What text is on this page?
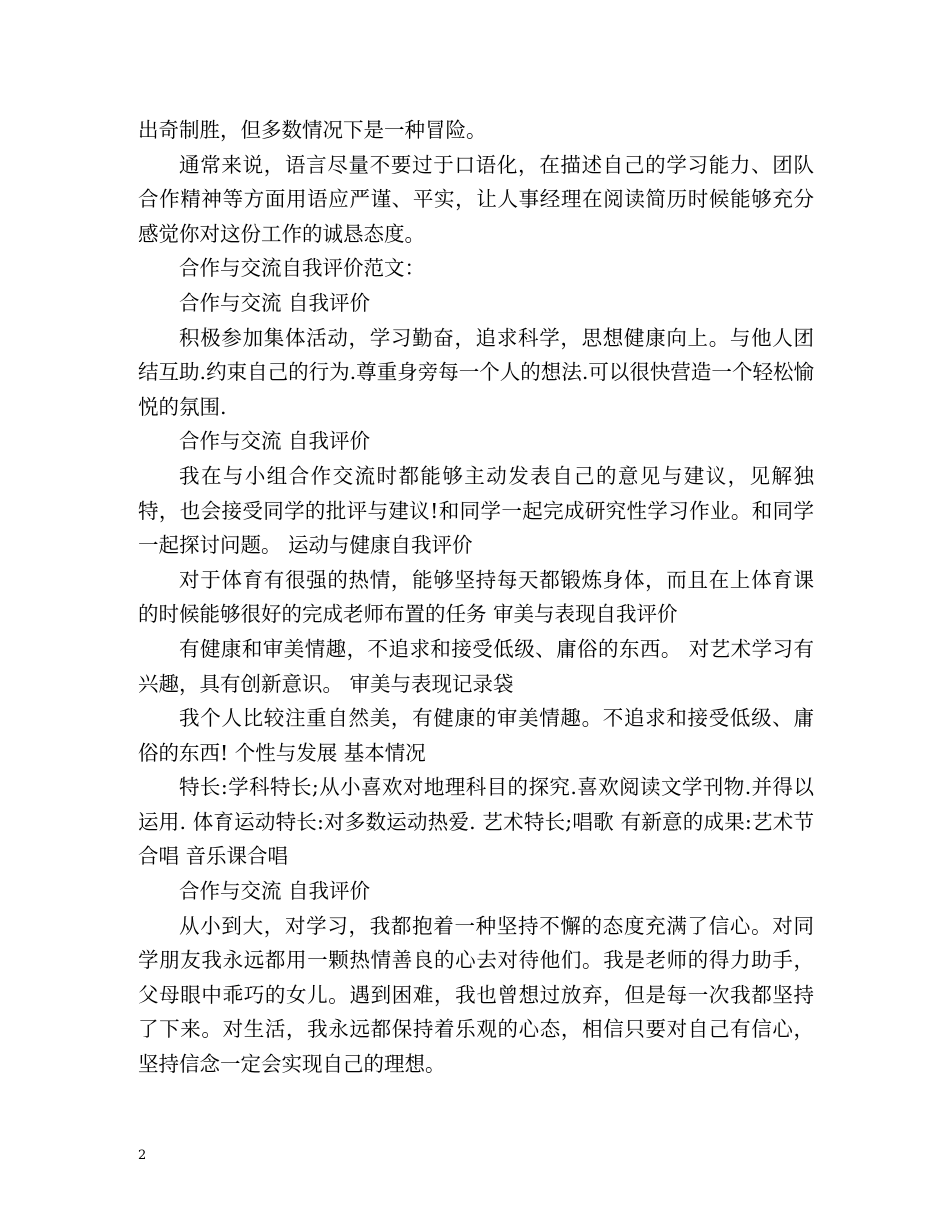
出奇制胜，但多数情况下是一种冒险。

通常来说，语言尽量不要过于口语化，在描述自己的学习能力、团队合作精神等方面用语应严谨、平实，让人事经理在阅读简历时候能够充分感觉你对这份工作的诚恳态度。

合作与交流自我评价范文：

合作与交流 自我评价

积极参加集体活动，学习勤奋，追求科学，思想健康向上。与他人团结互助.约束自己的行为.尊重身旁每一个人的想法.可以很快营造一个轻松愉悦的氛围.

合作与交流 自我评价

我在与小组合作交流时都能够主动发表自己的意见与建议，见解独特，也会接受同学的批评与建议!和同学一起完成研究性学习作业。和同学一起探讨问题。 运动与健康自我评价

对于体育有很强的热情，能够坚持每天都锻炼身体，而且在上体育课的时候能够很好的完成老师布置的任务 审美与表现自我评价

有健康和审美情趣，不追求和接受低级、庸俗的东西。 对艺术学习有兴趣，具有创新意识。 审美与表现记录袋

我个人比较注重自然美，有健康的审美情趣。不追求和接受低级、庸俗的东西! 个性与发展 基本情况

特长:学科特长;从小喜欢对地理科目的探究.喜欢阅读文学刊物.并得以运用. 体育运动特长:对多数运动热爱. 艺术特长;唱歌 有新意的成果:艺术节合唱 音乐课合唱

合作与交流 自我评价

从小到大，对学习，我都抱着一种坚持不懈的态度充满了信心。对同学朋友我永远都用一颗热情善良的心去对待他们。我是老师的得力助手，父母眼中乖巧的女儿。遇到困难，我也曾想过放弃，但是每一次我都坚持了下来。对生活，我永远都保持着乐观的心态，相信只要对自己有信心，坚持信念一定会实现自己的理想。

2
